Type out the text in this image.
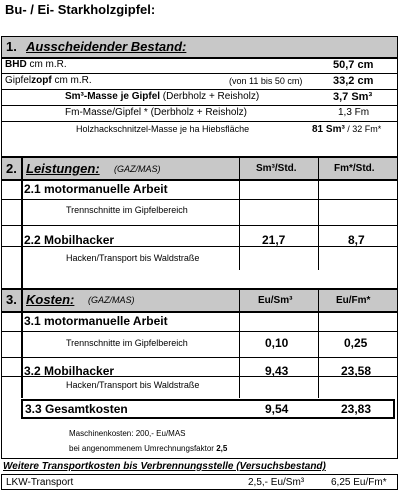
Bu- / Ei- Starkholzgipfel:
1. Ausscheidender Bestand:
BHD cm m.R.	50,7 cm
Gipfelzopf cm m.R.	(von 11 bis 50 cm)	33,2 cm
Sm³-Masse je Gipfel (Derbholz + Reisholz)	3,7 Sm³
Fm-Masse/Gipfel * (Derbholz + Reisholz)	1,3 Fm
Holzhackschnitzel-Masse je ha Hiebsfläche	81 Sm³ / 32 Fm*
2. Leistungen: (GAZ/MAS)	Sm³/Std.	Fm*/Std.
2.1 motormanuelle Arbeit
Trennschnitte im Gipfelbereich
2.2 Mobilhacker	21,7	8,7
Hacken/Transport bis Waldstraße
3. Kosten: (GAZ/MAS)	Eu/Sm³	Eu/Fm*
3.1 motormanuelle Arbeit
Trennschnitte im Gipfelbereich	0,10	0,25
3.2 Mobilhacker	9,43	23,58
Hacken/Transport bis Waldstraße
3.3 Gesamtkosten	9,54	23,83
Maschinenkosten: 200,- Eu/MAS
bei angenommenem Umrechnungsfaktor 2,5
Weitere Transportkosten bis Verbrennungsstelle (Versuchsbestand)
LKW-Transport	2,5,- Eu/Sm³	6,25 Eu/Fm*
